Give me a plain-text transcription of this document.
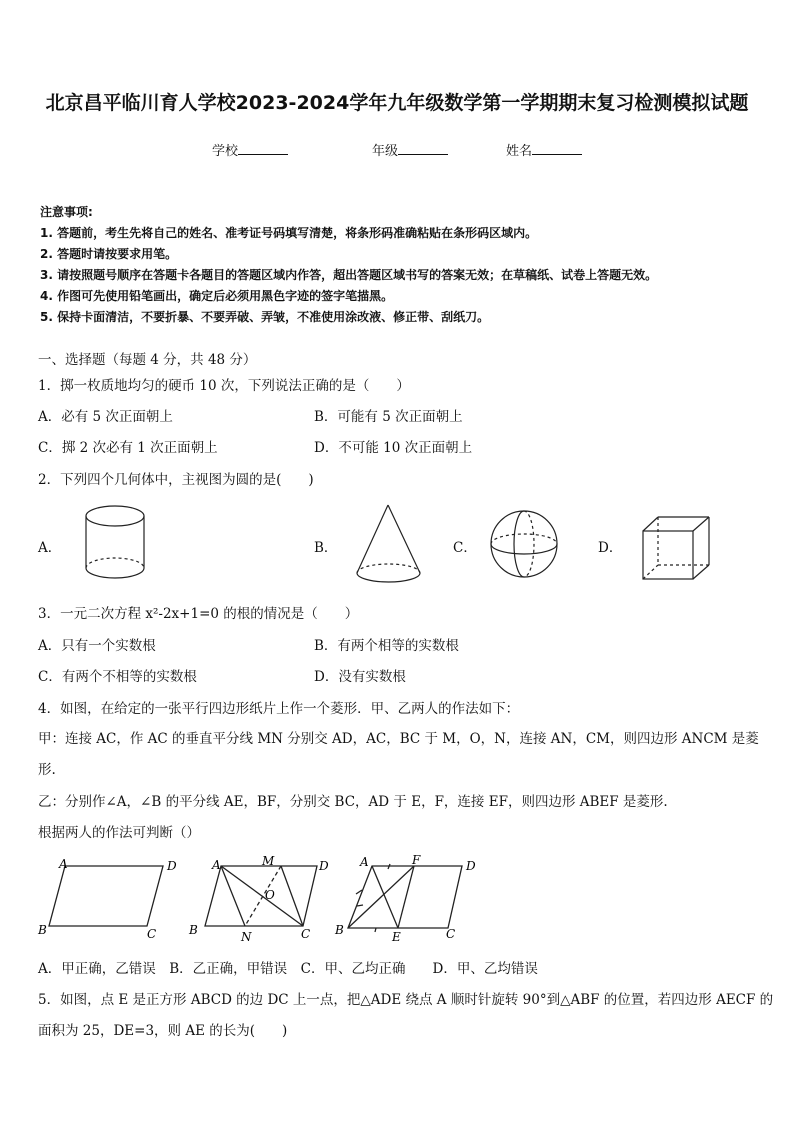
北京昌平临川育人学校2023-2024学年九年级数学第一学期期末复习检测模拟试题
学校	年级	姓名
注意事项:
1. 答题前，考生先将自己的姓名、准考证号码填写清楚，将条形码准确粘贴在条形码区域内。
2. 答题时请按要求用笔。
3. 请按照题号顺序在答题卡各题目的答题区域内作答，超出答题区域书写的答案无效；在草稿纸、试卷上答题无效。
4. 作图可先使用铅笔画出，确定后必须用黑色字迹的签字笔描黑。
5. 保持卡面清洁，不要折暴、不要弄破、弄皱，不准使用涂改液、修正带、刮纸刀。
一、选择题（每题 4 分，共 48 分）
1．掷一枚质地均匀的硬币 10 次，下列说法正确的是（　　）
A．必有 5 次正面朝上	B．可能有 5 次正面朝上
C．掷 2 次必有 1 次正面朝上	D．不可能 10 次正面朝上
2．下列四个几何体中，主视图为圆的是(　　)
A．	B．	C．	D．
3．一元二次方程 x²-2x+1=0 的根的情况是（　　）
A．只有一个实数根	B．有两个相等的实数根
C．有两个不相等的实数根	D．没有实数根
4．如图，在给定的一张平行四边形纸片上作一个菱形．甲、乙两人的作法如下：
甲：连接 AC，作 AC 的垂直平分线 MN 分别交 AD，AC，BC 于 M，O，N，连接 AN，CM，则四边形 ANCM 是菱
形.
乙：分别作∠A，∠B 的平分线 AE，BF，分别交 BC，AD 于 E，F，连接 EF，则四边形 ABEF 是菱形.
根据两人的作法可判断（）
A	D
B	C
A	M	D
O
B	N	C
A	F	D
B	E	C
A．甲正确，乙错误　B．乙正确，甲错误　C．甲、乙均正确　　D．甲、乙均错误
5．如图，点 E 是正方形 ABCD 的边 DC 上一点，把△ADE 绕点 A 顺时针旋转 90°到△ABF 的位置，若四边形 AECF 的
面积为 25，DE=3，则 AE 的长为(　　)
